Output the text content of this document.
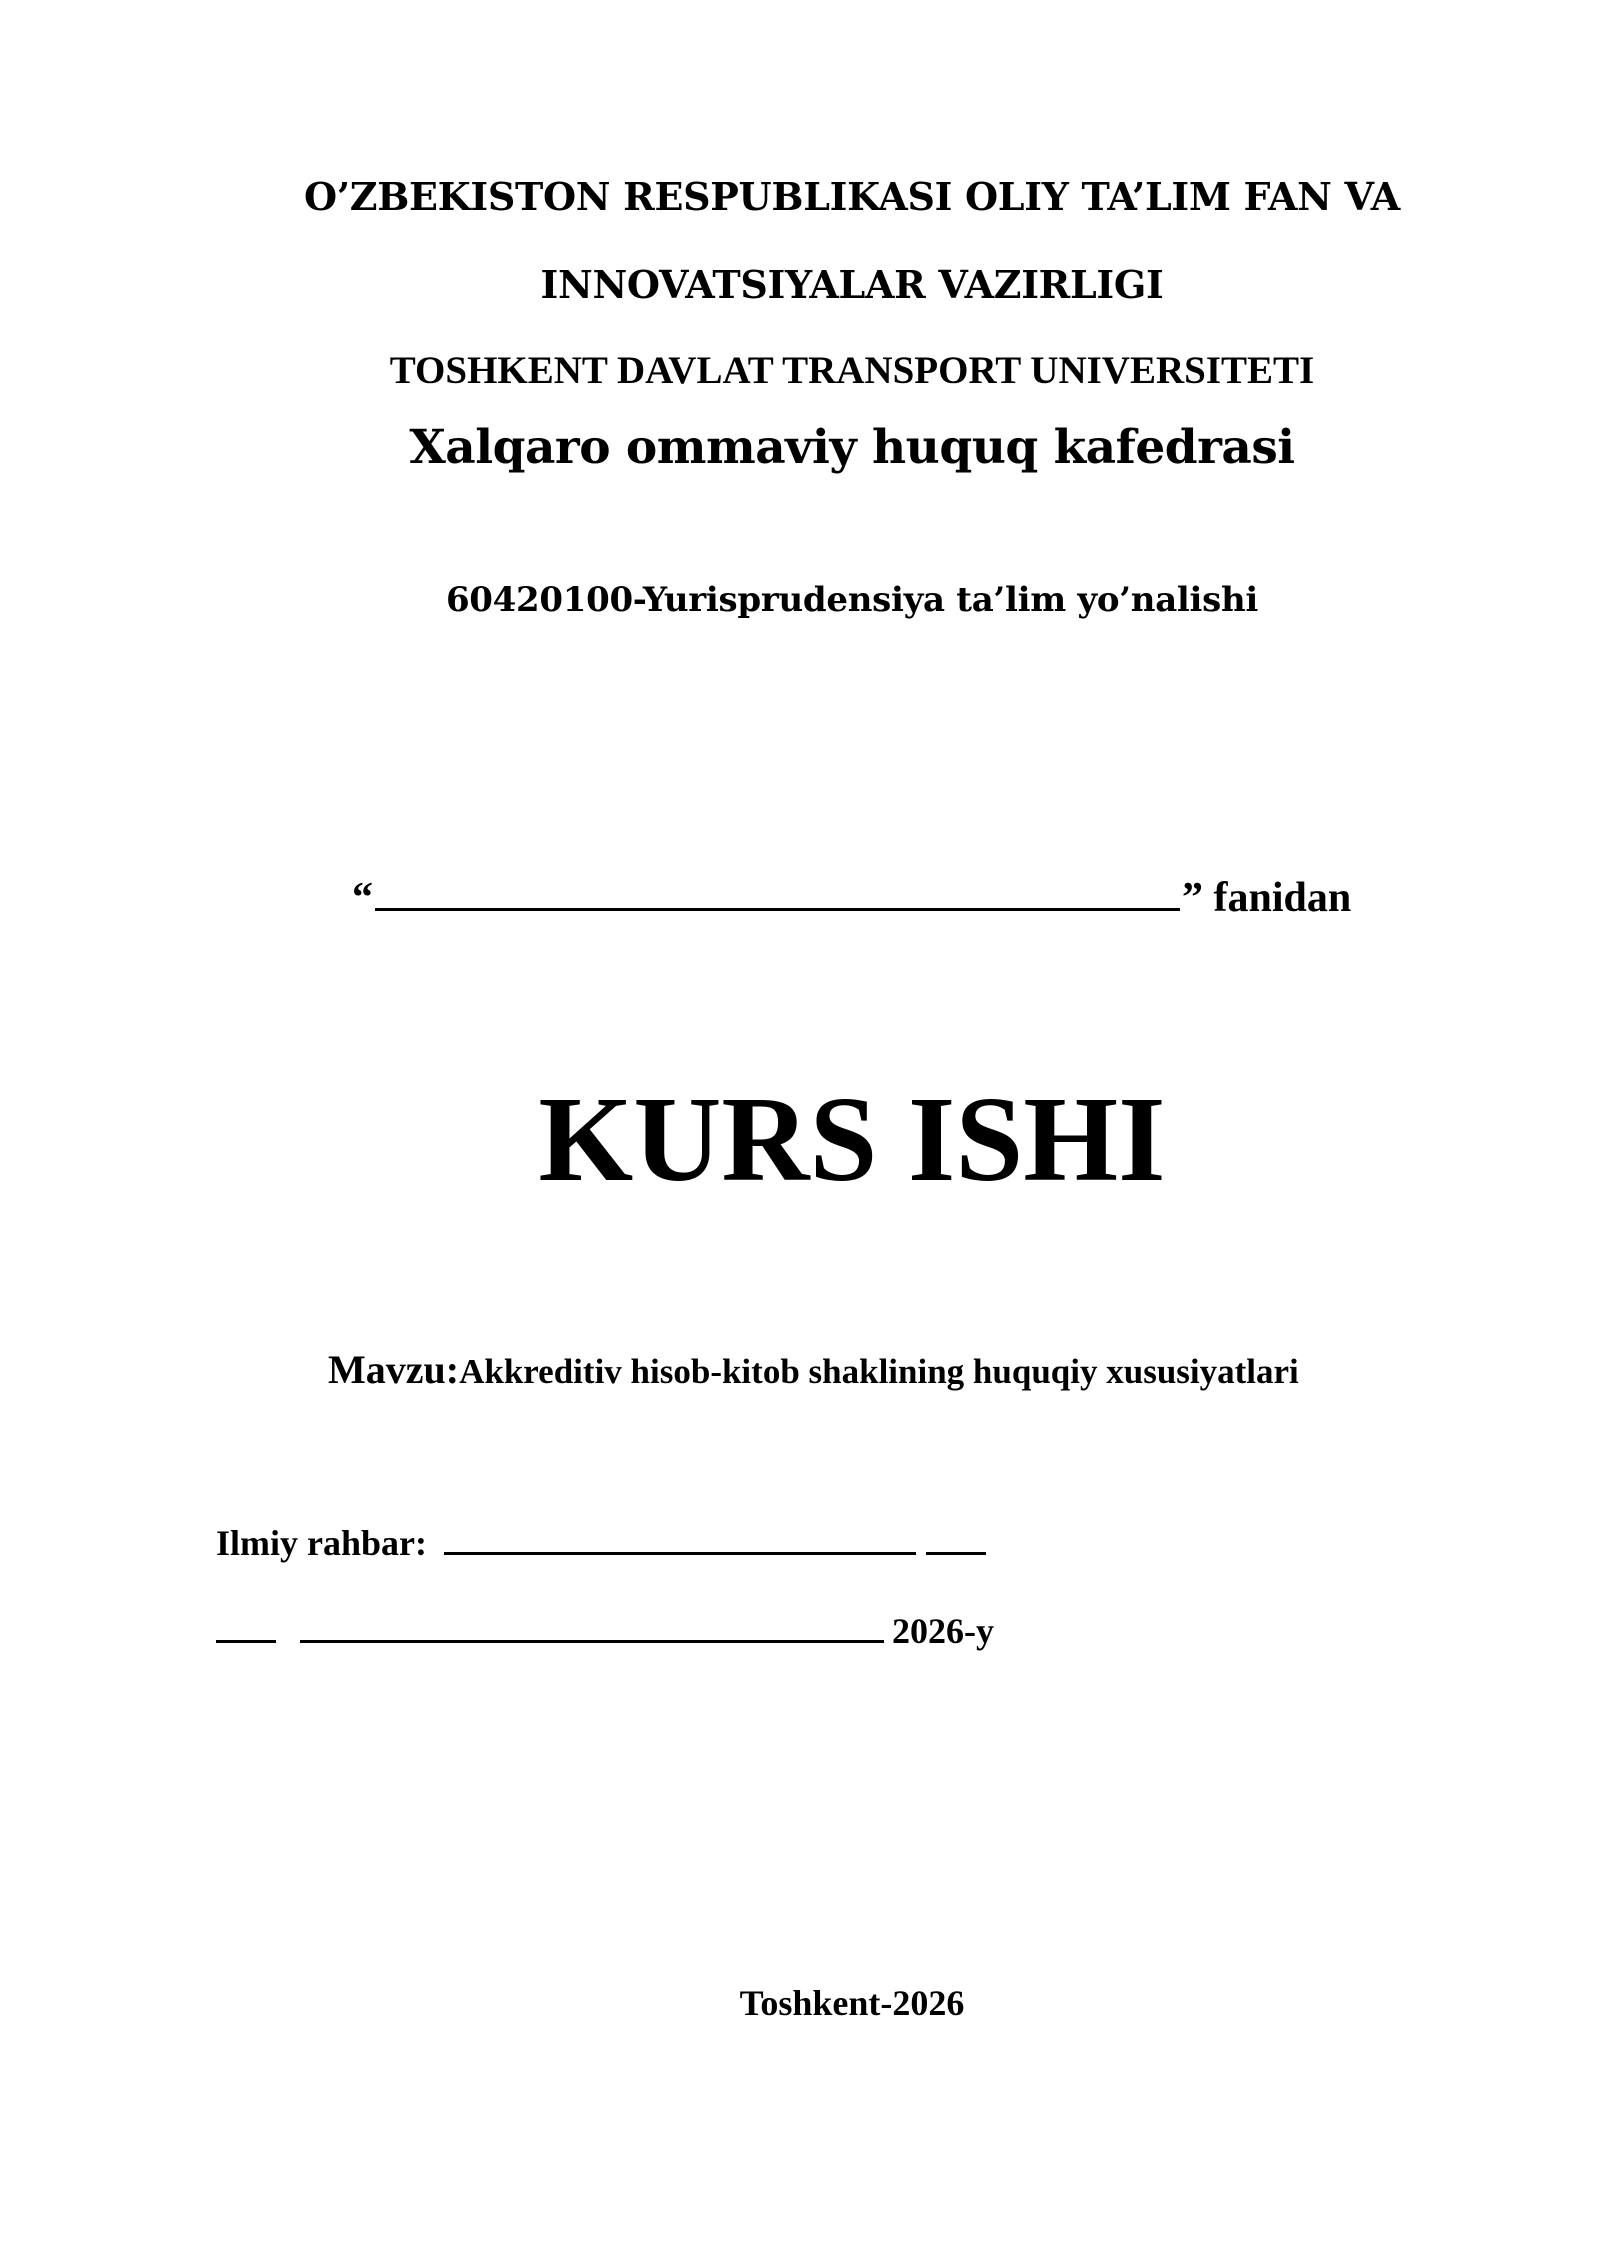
O’ZBEKISTON RESPUBLIKASI OLIY TA’LIM FAN VA
INNOVATSIYALAR VAZIRLIGI
TOSHKENT DAVLAT TRANSPORT UNIVERSITETI
Xalqaro ommaviy huquq kafedrasi
60420100-Yurisprudensiya ta’lim yo’nalishi
“	” fanidan
KURS ISHI
Mavzu:Akkreditiv hisob-kitob shaklining huquqiy xususiyatlari
Ilmiy rahbar:
2026-y
Toshkent-2026
